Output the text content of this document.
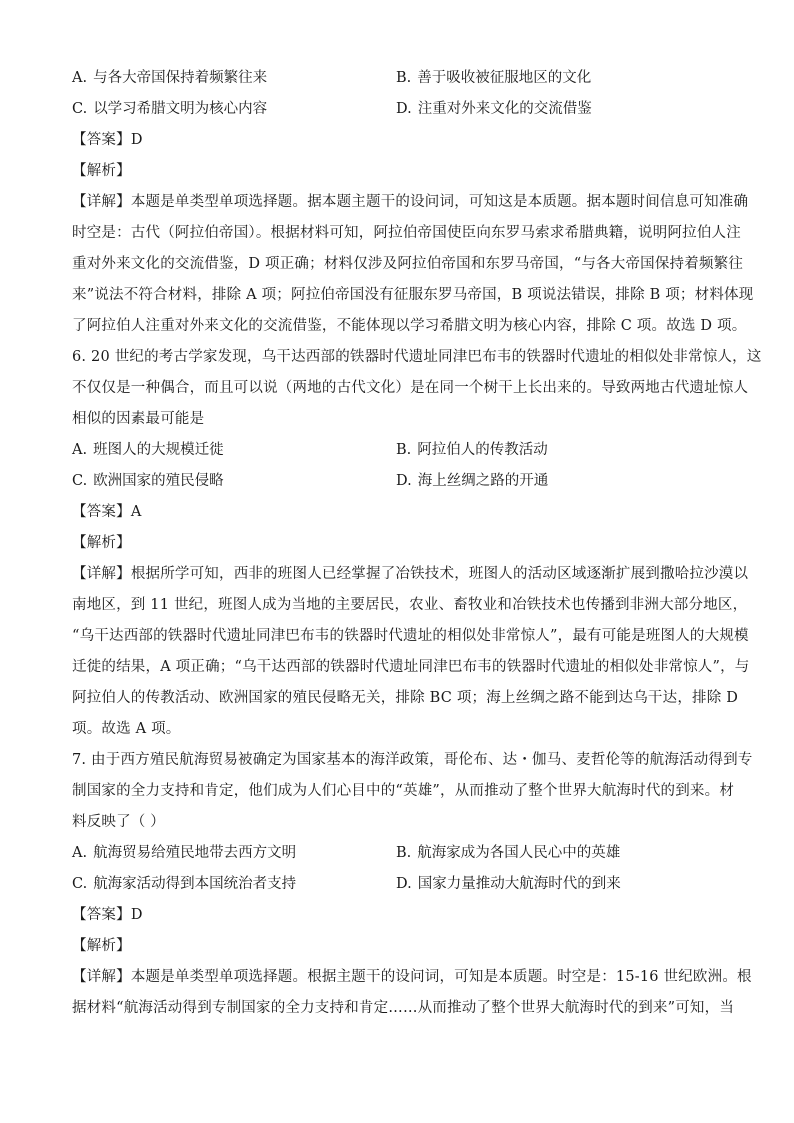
A. 与各大帝国保持着频繁往来	B. 善于吸收被征服地区的文化
C. 以学习希腊文明为核心内容	D. 注重对外来文化的交流借鉴
【答案】D
【解析】
【详解】本题是单类型单项选择题。据本题主题干的设问词，可知这是本质题。据本题时间信息可知准确
时空是：古代（阿拉伯帝国）。根据材料可知，阿拉伯帝国使臣向东罗马索求希腊典籍，说明阿拉伯人注
重对外来文化的交流借鉴，D 项正确；材料仅涉及阿拉伯帝国和东罗马帝国，“与各大帝国保持着频繁往
来”说法不符合材料，排除 A 项；阿拉伯帝国没有征服东罗马帝国，B 项说法错误，排除 B 项；材料体现
了阿拉伯人注重对外来文化的交流借鉴，不能体现以学习希腊文明为核心内容，排除 C 项。故选 D 项。
6. 20 世纪的考古学家发现，乌干达西部的铁器时代遗址同津巴布韦的铁器时代遗址的相似处非常惊人，这
不仅仅是一种偶合，而且可以说（两地的古代文化）是在同一个树干上长出来的。导致两地古代遗址惊人
相似的因素最可能是
A. 班图人的大规模迁徙	B. 阿拉伯人的传教活动
C. 欧洲国家的殖民侵略	D. 海上丝绸之路的开通
【答案】A
【解析】
【详解】根据所学可知，西非的班图人已经掌握了冶铁技术，班图人的活动区域逐渐扩展到撒哈拉沙漠以
南地区，到 11 世纪，班图人成为当地的主要居民，农业、畜牧业和冶铁技术也传播到非洲大部分地区，
“乌干达西部的铁器时代遗址同津巴布韦的铁器时代遗址的相似处非常惊人”，最有可能是班图人的大规模
迁徙的结果，A 项正确；“乌干达西部的铁器时代遗址同津巴布韦的铁器时代遗址的相似处非常惊人”，与
阿拉伯人的传教活动、欧洲国家的殖民侵略无关，排除 BC 项；海上丝绸之路不能到达乌干达，排除 D
项。故选 A 项。
7. 由于西方殖民航海贸易被确定为国家基本的海洋政策，哥伦布、达・伽马、麦哲伦等的航海活动得到专
制国家的全力支持和肯定，他们成为人们心目中的“英雄”，从而推动了整个世界大航海时代的到来。材
料反映了（ ）
A. 航海贸易给殖民地带去西方文明	B. 航海家成为各国人民心中的英雄
C. 航海家活动得到本国统治者支持	D. 国家力量推动大航海时代的到来
【答案】D
【解析】
【详解】本题是单类型单项选择题。根据主题干的设问词，可知是本质题。时空是：15-16 世纪欧洲。根
据材料“航海活动得到专制国家的全力支持和肯定……从而推动了整个世界大航海时代的到来”可知，当
